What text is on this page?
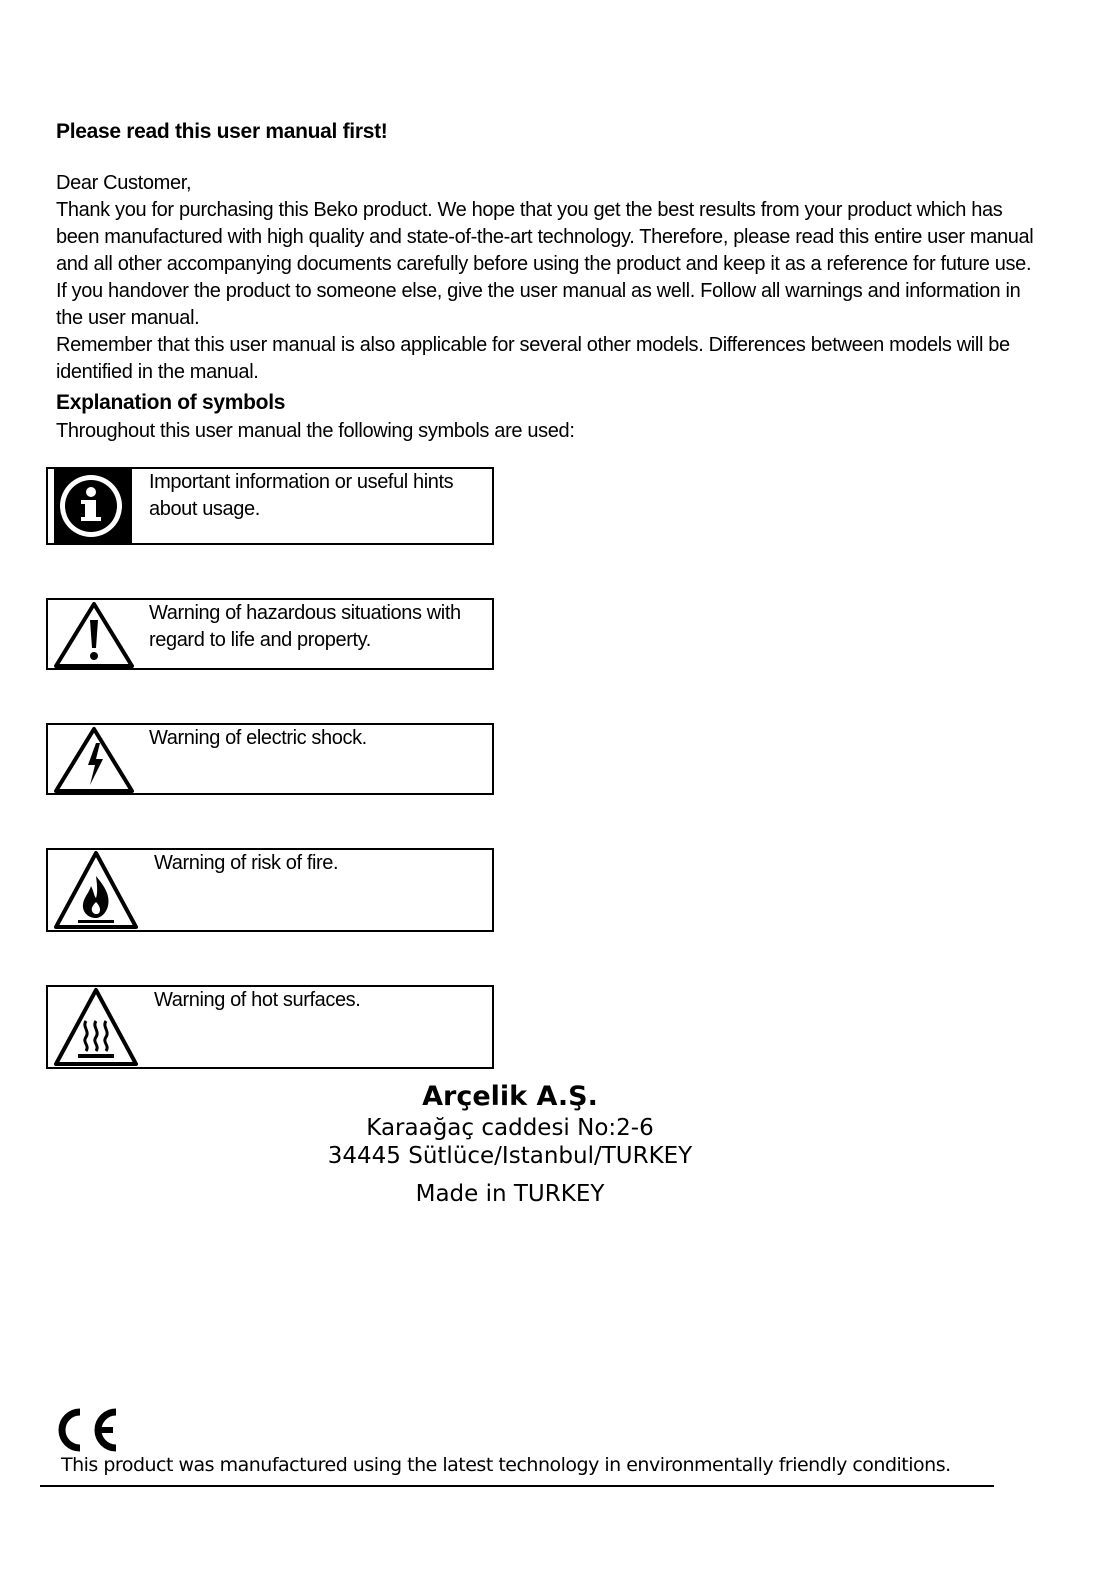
Please read this user manual first!

Dear Customer,

Thank you for purchasing this Beko product. We hope that you get the best results from your product which has been manufactured with high quality and state-of-the-art technology. Therefore, please read this entire user manual and all other accompanying documents carefully before using the product and keep it as a reference for future use. If you handover the product to someone else, give the user manual as well. Follow all warnings and information in the user manual.

Remember that this user manual is also applicable for several other models. Differences between models will be identified in the manual.

Explanation of symbols
Throughout this user manual the following symbols are used:
Important information or useful hints about usage.
Warning of hazardous situations with regard to life and property.
Warning of electric shock.
Warning of risk of fire.
Warning of hot surfaces.
Arçelik A.Ş.
Karaağaç caddesi No:2-6
34445 Sütlüce/Istanbul/TURKEY
Made in TURKEY
This product was manufactured using the latest technology in environmentally friendly conditions.
